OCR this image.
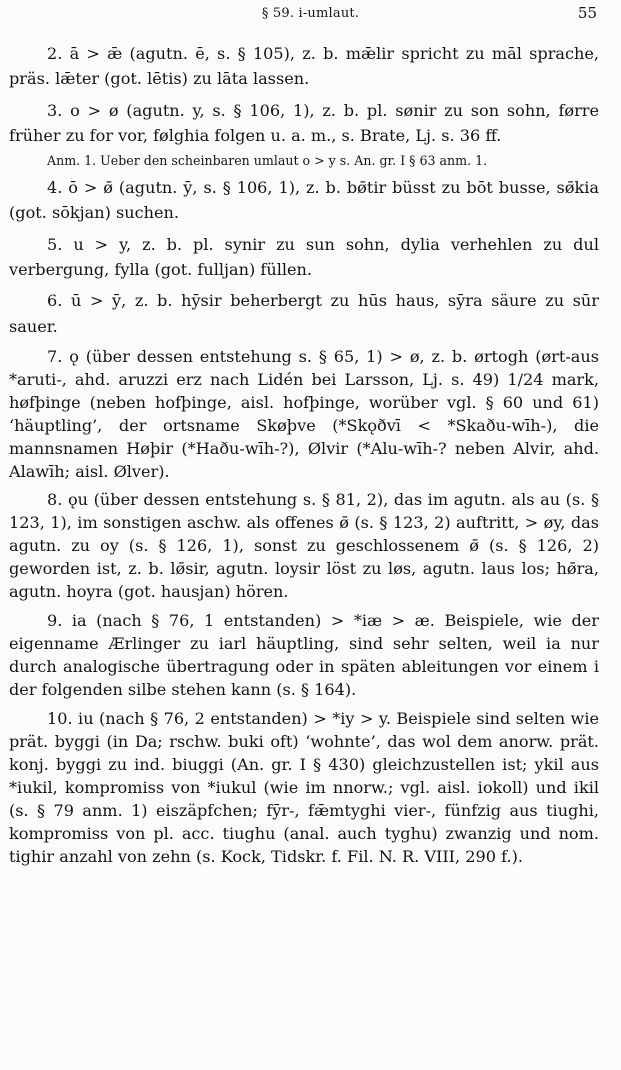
§ 59. i-umlaut.	55

2. ā > ǣ (agutn. ē, s. § 105), z. b. mǣlir spricht zu māl sprache, präs. lǣter (got. lētis) zu lāta lassen.

3. o > ø (agutn. y, s. § 106, 1), z. b. pl. sønir zu son sohn, førre früher zu for vor, følghia folgen u. a. m., s. Brate, Lj. s. 36 ff.

Anm. 1. Ueber den scheinbaren umlaut o > y s. An. gr. I § 63 anm. 1.

4. ō > ø̄ (agutn. ȳ, s. § 106, 1), z. b. bø̄tir büsst zu bōt busse, sø̄kia (got. sōkjan) suchen.

5. u > y, z. b. pl. synir zu sun sohn, dylia verhehlen zu dul verbergung, fylla (got. fulljan) füllen.

6. ū > ȳ, z. b. hȳsir beherbergt zu hūs haus, sȳra säure zu sūr sauer.

7. ǫ (über dessen entstehung s. § 65, 1) > ø, z. b. ørtogh (ørt-aus *aruti-, ahd. aruzzi erz nach Lidén bei Larsson, Lj. s. 49) 1/24 mark, høfþinge (neben hofþinge, aisl. hofþinge, worüber vgl. § 60 und 61) ‘häuptling’, der ortsname Skøþve (*Skǫðvī < *Skaðu-wīh-), die mannsnamen Høþir (*Haðu-wīh-?), Ølvir (*Alu-wīh-? neben Alvir, ahd. Alawīh; aisl. Ølver).

8. ǫu (über dessen entstehung s. § 81, 2), das im agutn. als au (s. § 123, 1), im sonstigen aschw. als offenes ø̄ (s. § 123, 2) auftritt, > øy, das agutn. zu oy (s. § 126, 1), sonst zu geschlossenem ø̄ (s. § 126, 2) geworden ist, z. b. lø̄sir, agutn. loysir löst zu løs, agutn. laus los; hø̄ra, agutn. hoyra (got. hausjan) hören.

9. ia (nach § 76, 1 entstanden) > *iæ > æ. Beispiele, wie der eigenname Ærlinger zu iarl häuptling, sind sehr selten, weil ia nur durch analogische übertragung oder in späten ableitungen vor einem i der folgenden silbe stehen kann (s. § 164).

10. iu (nach § 76, 2 entstanden) > *iy > y. Beispiele sind selten wie prät. byggi (in Da; rschw. buki oft) ‘wohnte’, das wol dem anorw. prät. konj. byggi zu ind. biuggi (An. gr. I § 430) gleichzustellen ist; ykil aus *iukil, kompromiss von *iukul (wie im nnorw.; vgl. aisl. iokoll) und ikil (s. § 79 anm. 1) eiszäpfchen; fȳr-, fǣmtyghi vier-, fünfzig aus tiughi, kompromiss von pl. acc. tiughu (anal. auch tyghu) zwanzig und nom. tighir anzahl von zehn (s. Kock, Tidskr. f. Fil. N. R. VIII, 290 f.).
